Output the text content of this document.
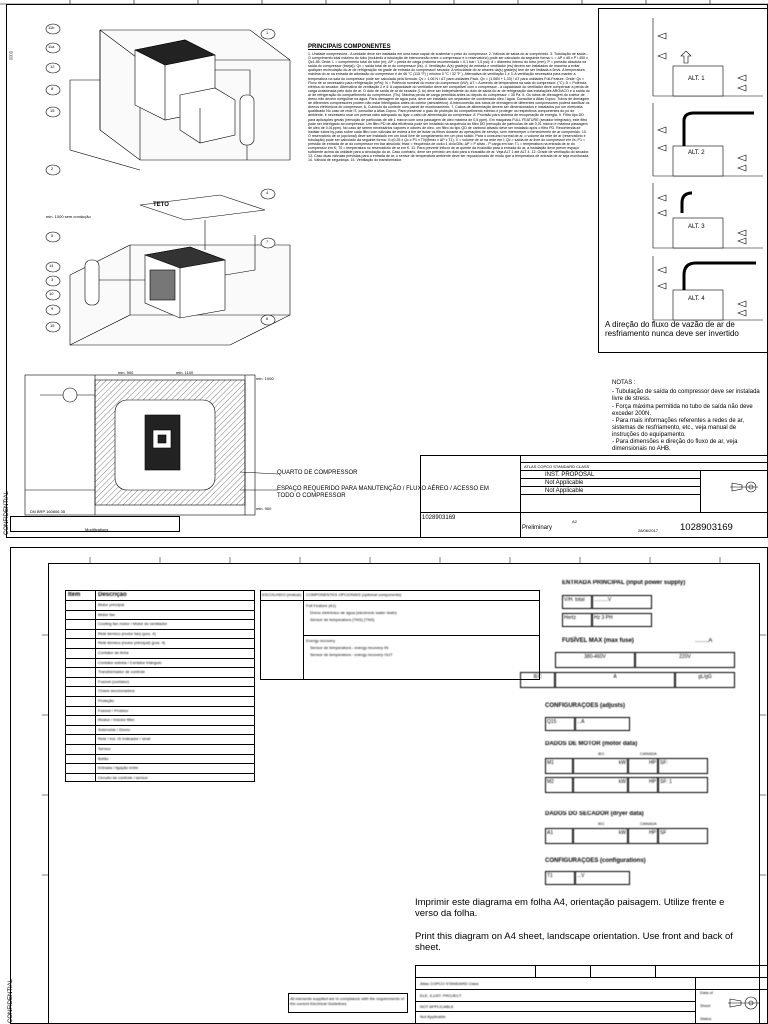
▯▯▯▯
11b
11a
12
8
15
1
2
TETO
min. 1000 sem condução
4
7
5
14
3
10
9
15
6
min. 900	min. 1100
min. 1000
min. 900
QUARTO DE COMPRESSOR
ESPAÇO REQUERIDO PARA MANUTENÇÃO / FLUXO AÉREO / ACESSO EM TODO O COMPRESSOR
CONFIDENTIAL	DN BRP 160606 35
Modifications
PRINCIPAIS COMPONENTES
1. Unidade compressora - A unidade deve ser instalada em uma base capaz de sustentar o peso do compressor. 2. Válvula de saída do ar comprimido. 3. Tubulação de saída - O comprimento total máximo do tubo (incluindo a tubulação de interconexão entre o compressor e o reservatório) pode ser calculado da seguinte forma: L = ΔP x d5 x P / 450 x Qc1.85. Onde: L = comprimento total do tubo (m); ΔP = perda de carga (máxima recomendada = 0,1 bar / 1,5 psi); d = diâmetro interno do tubo (mm); P = pressão absoluta na saída do compressor (bar(a)); Qc = saída total de ar do compressor (l/s). 4. Ventilação: A(s) grade(s) de entrada e ventilador (es) devem ser instalados de maneira a evitar qualquer recirculação do ar de refrigeração na grade de entrada do compressor/ secador. A velocidade do ar através da(s) grade(s) tem de ser limitada a 5m/s. A temperatura máxima do ar na entrada de admissão do compressor é de 46 °C (115 °F) ( mínimo 0 °C / 32 °F ). Alternativa de ventilação 1 e 3: A ventilação necessária para manter a temperatura na sala do compressor pode ser calculada pela fórmula: Qv = 1,06 N / ΔT para unidades Pack. Qv = (1,06N + 1,33) / ΔT para unidades Full-Feature. Onde: Qv = Fluxo de ar necessário para refrigeração (m³/s); N = Potência nominal do motor do compressor (kW); ΔT = Aumento de temperatura na sala do compressor. (°C); D = Potência elétrica do secador. Alternativa de ventilação 2 e 4: A capacidade do ventilador deve ser compatível com o compressor - a capacidade do ventilador deve compensar a perda de carga ocasionada pelo duto de ar. O duto de saída de ar do secador (1 to) deve ser independente do duto de saída do ar de refrigeração das instalações ARO/ACO e a saída do ar de refrigeração do compartimento do compressor. (TIs). Máxima perda de carga permitida antes ou depois do compressor = 30 Pa. 5. Os tubos de drenagem do coletor de dreno não devem mergulhar na água. Para drenagem de água pura, deve ser instalado um separador de condensado óleo / água. Consultar a Atlas Copco. Tubos de drenagem de diferentes compressores podem não estar interligados antes do coletor (atmosférico). A interconexão dos tubos de drenagem de diferentes compressores poderá danificar os drenos eletrônicos do compressor. 6. Cubículo do controle com painel de monitoramento. 7. Cabos de alimentação devem ser dimensionados e instalados por um eletricista qualificado No caso de rede IT, consultar a Atlas Copco. Para preservar o grau de proteção do compartimento elétrico e proteger os respectivos componentes do pó do ambiente, é necessário usar um prensa cabo adequado ao ligar o cabo de alimentação ao compressor. 8. Provisão para sistema de recuperação de energia. 9. Filtro tipo DD para aplicações gerais (remoção de partículas de até 1 micron com uma passagem de óleo máxima de 0,5 ppm). Em máquinas FULL FEATURE (secador integrado), este filtro pode ser interligado ao compressor. Um filtro PD de alta eficiência pode ser instalado na sequência do filtro DD (remoção de partículas de até 0,01 micron e máxima passagem de óleo de 0,01ppm). No caso de serem necessários vapores e odores de óleo, um filtro do tipo QD de carbono ativado deve ser instalado após o filtro PD. Recomenda-se instalar tubos by-pass sobre cada filtro com válvulas de esfera a fim de isolar os filtros durante as operações de serviço, sem interromper o fornecimento de ar comprimido. 10. O reservatório de ar (opcional) deve ser instalado em um local livre de congelamento em um piso sólido. Para o consumo normal de ar, o volume da rede de ar (reservatório e tubulação) pode ser calculado da seguinte forma: V=(0,25 x Qc x P1 x T0)/(fmax x ΔP x T1). V = volume de ar na rede em l; Qc = saída de ar livre do compressor em l/s; P1 = pressão de entrada de ar do compressor em bar absoluta; fmax = frequência de ciclo=1 ciclo/30s; ΔP = P alívio - P carga em bar; T1 = temperatura na entrada de ar do compressor em K; T0 = temperatura no reservatório de ar em K. 11. Para prevenir influxo de ar quente da exaustão para a entrada do ar, a instalação deve prever espaço suficiente acima da unidade para a circulação do ar. Caso contrário, deve ser previsto um duto para a exaustão de ar. Veja ALT 1 até ALT 4. 12. Grade de ventilação do secador. 13. Caso duas válvulas previstas para a entrada de ar, o sensor de temperatura ambiente deve ser reposicionado de modo que a temperatura de entrada de ar seja monitorada. 14. Válvula de segurança. 15. Ventilação do transformador.
ALT. 1
ALT. 2
ALT. 3
ALT. 4
A direção do fluxo de vazão de ar de resfriamento nunca deve ser invertido
NOTAS :
- Tubulação de saída do compressor deve ser instalada livre de stress.
- Força máxima permitida no tubo de saída não deve exceder 200N.
- Para mais informações referentes a redes de ar, sistemas de resfriamento, etc., veja manual de instruções do equipamento.
- Para dimensões e direção do fluxo de ar, veja dimensionais no AHB.
ATLAS COPCO STANDARD CLASS
INST. PROPOSAL
Not Applicable
Not Applicable
A2
1028903169
Preliminary	28/06/2017 1028903169
Item	Descrição
Motor principal
Motor fan
Cooling fan motor / Motor do ventilador
Relé térmico (motor fan) (pos. 4)
Relé térmico (motor principal) (pos. 4)
Contator de linha
Contator estrela / Contator triângulo
Transformador de controle
Fusível (contator)
Chave seccionadora
Proteção
Fusível / Protetor
Reator / Indutor filter
Solenoide / Dreno
Relé / Ind. IS Indicador / sinal
Sensor
Botão
Entrada / ligação entre
Circuito de controle / sensor
ESCOLHIDO (Indicar) COMPONENTES OPCIONAIS (optional components)
Full Feature (A1)
Dreno eletrônico de água (electronic water drain)
Sensor de temperatura (TNS) (TNS)
Energy recovery
Sensor de temperatura - energy recovery IN
Sensor de temperatura - energy recovery OUT
ENTRADA PRINCIPAL (input power supply)
V/H. total	..........V
Hertz	Hz 3 PH
FUSÍVEL MAX (max fuse)	........A
380-460V	220V
IEC	A	gL/gG
CONFIGURAÇÕES (adjusts)
Q15	...A
DADOS DE MOTOR (motor data)
IEC	CANADA
M1	kW	HP SF:
M2	kW	HP SF: 1
DADOS DO SECADOR (dryer data)
IEC	CANADA
A1	kW	HP SF
CONFIGURAÇÕES (configurations)
T1	...V
Imprimir este diagrama em folha A4, orientação paisagem. Utilize frente e verso da folha.
Print this diagram on A4 sheet, landscape orientation. Use front and back of sheet.
Atlas COPCO STANDARD Class
ELE. ILUST. PROJECT
NOT APPLICABLE
Not Applicable
Data of
Sheet
Status
All elements supplied are in compliance with the requirements of the current Electrical Guidelines
CONFIDENTIAL
